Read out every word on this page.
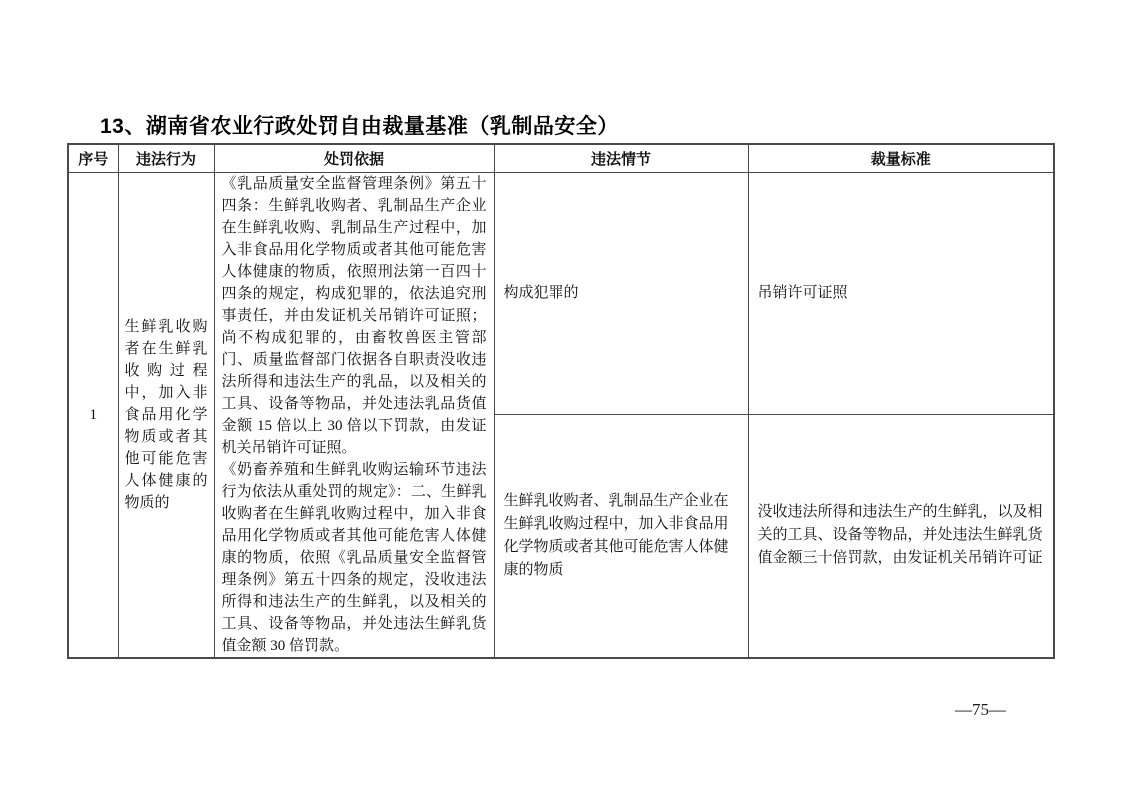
13、湖南省农业行政处罚自由裁量基准（乳制品安全）
序号	违法行为	处罚依据	违法情节	裁量标准
1	生鲜乳收购者在生鲜乳收购过程中，加入非食品用化学物质或者其他可能危害人体健康的物质的	《乳品质量安全监督管理条例》第五十四条：生鲜乳收购者、乳制品生产企业在生鲜乳收购、乳制品生产过程中，加入非食品用化学物质或者其他可能危害人体健康的物质，依照刑法第一百四十四条的规定，构成犯罪的，依法追究刑事责任，并由发证机关吊销许可证照；尚不构成犯罪的，由畜牧兽医主管部门、质量监督部门依据各自职责没收违法所得和违法生产的乳品，以及相关的工具、设备等物品，并处违法乳品货值金额 15 倍以上 30 倍以下罚款，由发证机关吊销许可证照。
《奶畜养殖和生鲜乳收购运输环节违法行为依法从重处罚的规定》：二、生鲜乳收购者在生鲜乳收购过程中，加入非食品用化学物质或者其他可能危害人体健康的物质，依照《乳品质量安全监督管理条例》第五十四条的规定，没收违法所得和违法生产的生鲜乳，以及相关的工具、设备等物品，并处违法生鲜乳货值金额 30 倍罚款。	构成犯罪的	吊销许可证照
			生鲜乳收购者、乳制品生产企业在生鲜乳收购过程中，加入非食品用化学物质或者其他可能危害人体健康的物质	没收违法所得和违法生产的生鲜乳，以及相关的工具、设备等物品，并处违法生鲜乳货值金额三十倍罚款，由发证机关吊销许可证
—75—
